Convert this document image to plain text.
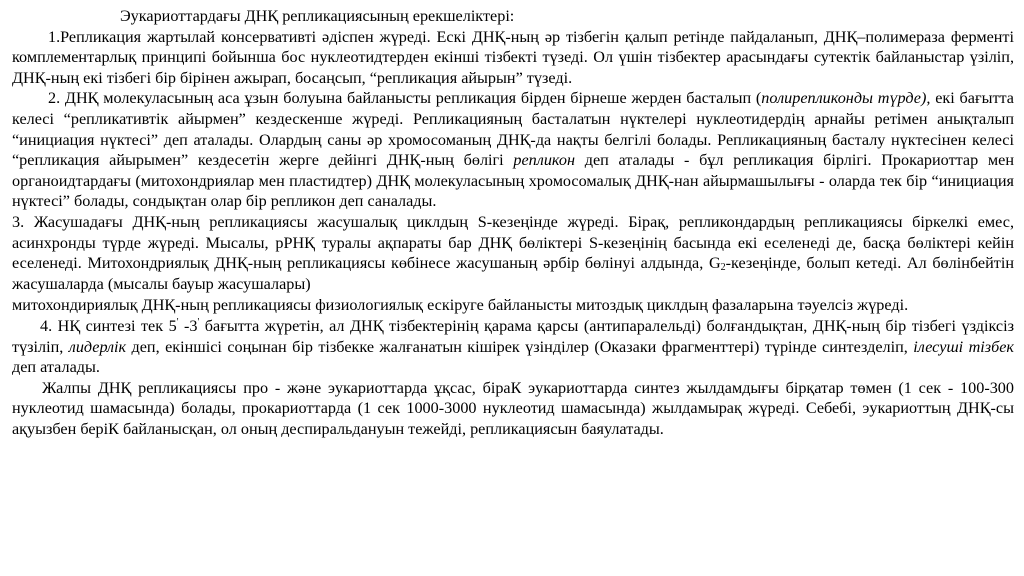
Эукариоттардағы ДНҚ репликациясының ерекшеліктері:

1.Репликация жартылай консервативті әдіспен жүреді. Ескі ДНҚ-ның әр тізбегін қалып ретінде пайдаланып, ДНҚ–полимераза ферменті комплементарлық принципі бойынша бос нуклеотидтерден екінші тізбекті түзеді. Ол үшін тізбектер арасындағы сутектік байланыстар үзіліп, ДНҚ-ның екі тізбегі бір бірінен ажырап, босаңсып, “репликация айырын” түзеді.

2. ДНҚ молекуласының аса ұзын болуына байланысты репликация бірден бірнеше жерден басталып (полирепликонды түрде), екі бағытта келесі “репликативтік айырмен” кездескенше жүреді. Репликацияның басталатын нүктелері нуклеотидердің арнайы ретімен анықталып “инициация нүктесі” деп аталады. Олардың саны әр хромосоманың ДНҚ-да нақты белгілі болады. Репликацияның басталу нүктесінен келесі “репликация айырымен” кездесетін жерге дейінгі ДНҚ-ның бөлігі репликон деп аталады - бұл репликация бірлігі. Прокариоттар мен органоидтардағы (митохондриялар мен пластидтер) ДНҚ молекуласының хромосомалық ДНҚ-нан айырмашылығы - оларда тек бір “инициация нүктесі” болады, сондықтан олар бір репликон деп саналады.

3. Жасушадағы ДНҚ-ның репликациясы жасушалық циклдың S-кезеңінде жүреді. Бірақ, репликондардың репликациясы біркелкі емес, асинхронды түрде жүреді. Мысалы, рРНҚ туралы ақпараты бар ДНҚ бөліктері S-кезеңінің басында екі еселенеді де, басқа бөліктері кейін еселенеді. Митохондриялық ДНҚ-ның репликациясы көбінесе жасушаның әрбір бөлінуі алдында, $G_2$-кезеңінде, болып кетеді. Ал бөлінбейтін жасушаларда (мысалы бауыр жасушалары)
митохондириялық ДНҚ-ның репликациясы физиологиялық ескіруге байланысты митоздық циклдың фазаларына тәуелсіз жүреді.

4. НҚ синтезі тек 5' -3' бағытта жүретін, ал ДНҚ тізбектерінің қарама қарсы (антипаралельді) болғандықтан, ДНҚ-ның бір тізбегі үздіксіз түзіліп, лидерлік деп, екіншісі соңынан бір тізбекке жалғанатын кішірек үзінділер (Оказаки фрагменттері) түрінде синтезделіп, ілесуші тізбек деп аталады.

Жалпы ДНҚ репликациясы про - және эукариоттарда ұқсас, біраК эукариоттарда синтез жылдамдығы бірқатар төмен (1 сек - 100-300 нуклеотид шамасында) болады, прокариоттарда (1 сек 1000-3000 нуклеотид шамасында) жылдамырақ жүреді. Себебі, эукариоттың ДНҚ-сы ақуызбен беріК байланысқан, ол оның деспиральдануын тежейді, репликациясын баяулатады.
